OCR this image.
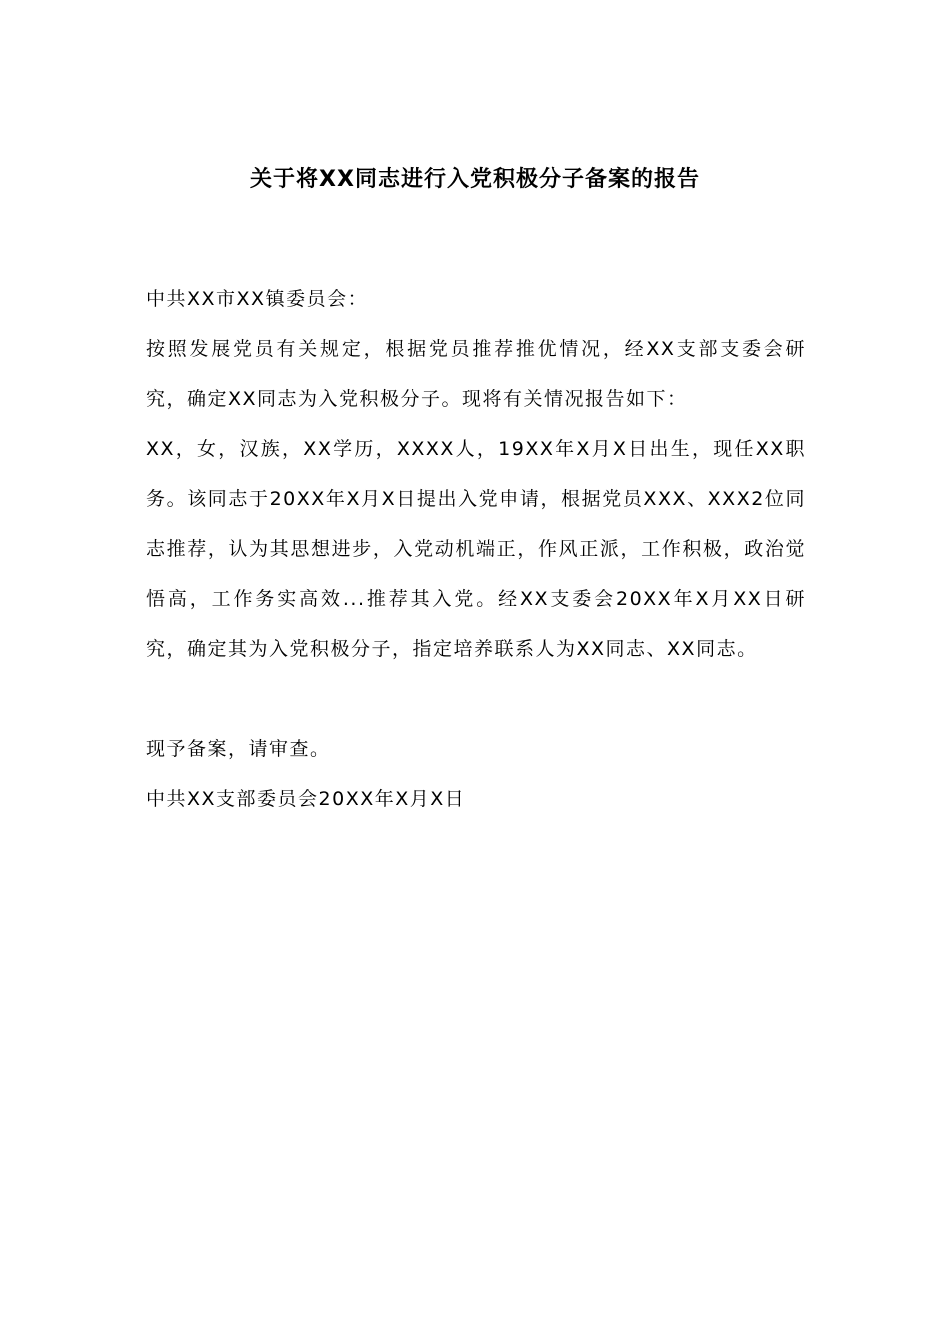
关于将XX同志进行入党积极分子备案的报告
中共XX市XX镇委员会：
按照发展党员有关规定，根据党员推荐推优情况，经XX支部支委会研究，确定XX同志为入党积极分子。现将有关情况报告如下：
XX，女，汉族，XX学历，XXXX人，19XX年X月X日出生，现任XX职务。该同志于20XX年X月X日提出入党申请，根据党员XXX、XXX2位同志推荐，认为其思想进步，入党动机端正，作风正派，工作积极，政治觉悟高，工作务实高效...推荐其入党。经XX支委会20XX年X月XX日研究，确定其为入党积极分子，指定培养联系人为XX同志、XX同志。
现予备案，请审查。
中共XX支部委员会20XX年X月X日
